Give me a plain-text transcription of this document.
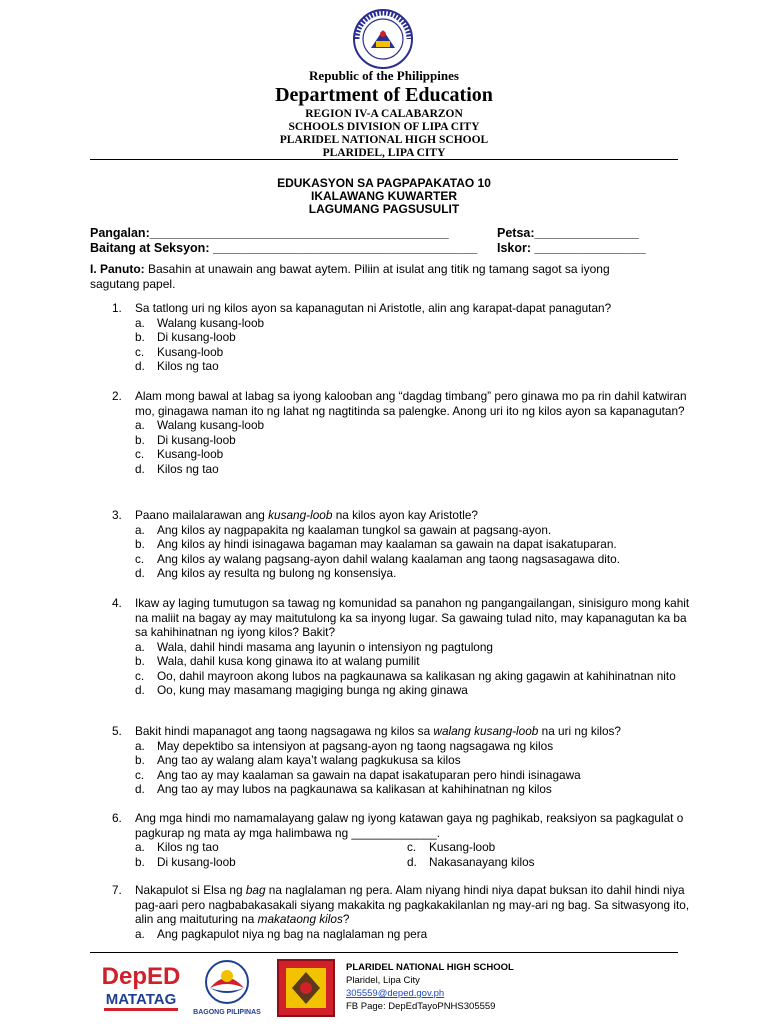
Republic of the Philippines
Department of Education
REGION IV-A CALABARZON
SCHOOLS DIVISION OF LIPA CITY
PLARIDEL NATIONAL HIGH SCHOOL
PLARIDEL, LIPA CITY
EDUKASYON SA PAGPAPAKATAO 10
IKALAWANG KUWARTER
LAGUMANG PAGSUSULIT
Pangalan:___________________________________________	Petsa:_______________
Baitang at Seksyon: ______________________________________ Iskor: ________________
I. Panuto: Basahin at unawain ang bawat aytem. Piliin at isulat ang titik ng tamang sagot sa iyong sagutang papel.
1. Sa tatlong uri ng kilos ayon sa kapanagutan ni Aristotle, alin ang karapat-dapat panagutan?
a. Walang kusang-loob
b. Di kusang-loob
c. Kusang-loob
d. Kilos ng tao
2. Alam mong bawal at labag sa iyong kalooban ang “dagdag timbang” pero ginawa mo pa rin dahil katwiran mo, ginagawa naman ito ng lahat ng nagtitinda sa palengke. Anong uri ito ng kilos ayon sa kapanagutan?
a. Walang kusang-loob
b. Di kusang-loob
c. Kusang-loob
d. Kilos ng tao
3. Paano mailalarawan ang kusang-loob na kilos ayon kay Aristotle?
a. Ang kilos ay nagpapakita ng kaalaman tungkol sa gawain at pagsang-ayon.
b. Ang kilos ay hindi isinagawa bagaman may kaalaman sa gawain na dapat isakatuparan.
c. Ang kilos ay walang pagsang-ayon dahil walang kaalaman ang taong nagsasagawa dito.
d. Ang kilos ay resulta ng bulong ng konsensiya.
4. Ikaw ay laging tumutugon sa tawag ng komunidad sa panahon ng pangangailangan, sinisiguro mong kahit na maliit na bagay ay may maitutulong ka sa inyong lugar. Sa gawaing tulad nito, may kapanagutan ka ba sa kahihinatnan ng iyong kilos? Bakit?
a. Wala, dahil hindi masama ang layunin o intensiyon ng pagtulong
b. Wala, dahil kusa kong ginawa ito at walang pumilit
c. Oo, dahil mayroon akong lubos na pagkaunawa sa kalikasan ng aking gagawin at kahihinatnan nito
d. Oo, kung may masamang magiging bunga ng aking ginawa
5. Bakit hindi mapanagot ang taong nagsagawa ng kilos sa walang kusang-loob na uri ng kilos?
a. May depektibo sa intensiyon at pagsang-ayon ng taong nagsagawa ng kilos
b. Ang tao ay walang alam kaya’t walang pagkukusa sa kilos
c. Ang tao ay may kaalaman sa gawain na dapat isakatuparan pero hindi isinagawa
d. Ang tao ay may lubos na pagkaunawa sa kalikasan at kahihinatnan ng kilos
6. Ang mga hindi mo namamalayang galaw ng iyong katawan gaya ng paghikab, reaksiyon sa pagkagulat o pagkurap ng mata ay mga halimbawa ng _____________.
a. Kilos ng tao
b. Di kusang-loob
c. Kusang-loob
d. Nakasanayang kilos
7. Nakapulot si Elsa ng bag na naglalaman ng pera. Alam niyang hindi niya dapat buksan ito dahil hindi niya pag-aari pero nagbabakasakali siyang makakita ng pagkakakilanlan ng may-ari ng bag. Sa sitwasyong ito, alin ang maituturing na makataong kilos?
a. Ang pagkapulot niya ng bag na naglalaman ng pera
DepED
MATATAG
BAGONG PILIPINAS
PLARIDEL NATIONAL HIGH SCHOOL
Plaridel, Lipa City
305559@deped.gov.ph
FB Page: DepEdTayoPNHS305559
